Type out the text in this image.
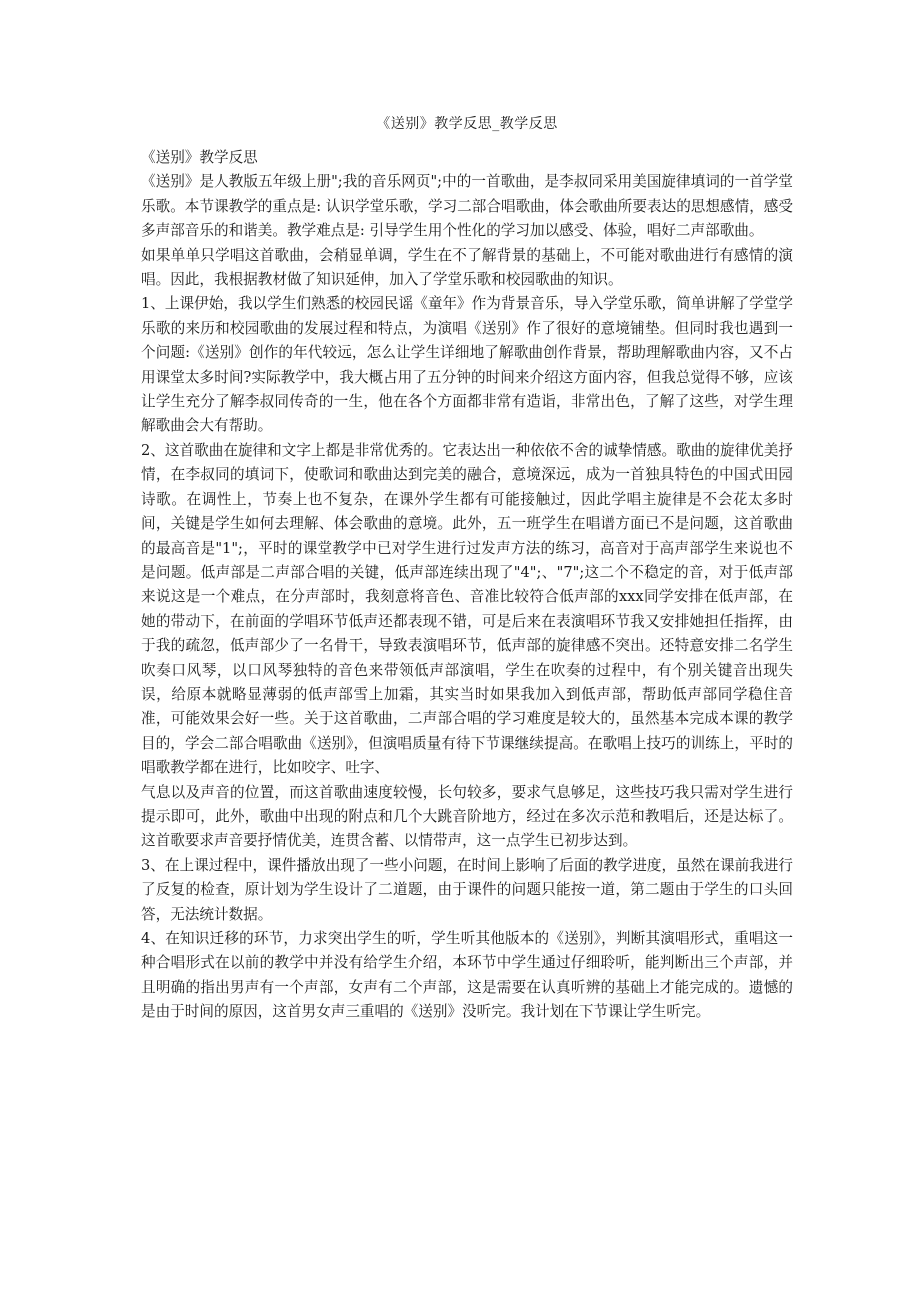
《送别》教学反思_教学反思

《送别》教学反思

《送别》是人教版五年级上册";我的音乐网页";中的一首歌曲，是李叔同采用美国旋律填词的一首学堂乐歌。本节课教学的重点是: 认识学堂乐歌，学习二部合唱歌曲，体会歌曲所要表达的思想感情，感受多声部音乐的和谐美。教学难点是: 引导学生用个性化的学习加以感受、体验，唱好二声部歌曲。

如果单单只学唱这首歌曲，会稍显单调，学生在不了解背景的基础上，不可能对歌曲进行有感情的演唱。因此，我根据教材做了知识延伸，加入了学堂乐歌和校园歌曲的知识。

1、上课伊始，我以学生们熟悉的校园民谣《童年》作为背景音乐，导入学堂乐歌，简单讲解了学堂学乐歌的来历和校园歌曲的发展过程和特点，为演唱《送别》作了很好的意境铺垫。但同时我也遇到一个问题:《送别》创作的年代较远，怎么让学生详细地了解歌曲创作背景，帮助理解歌曲内容，又不占用课堂太多时间?实际教学中，我大概占用了五分钟的时间来介绍这方面内容，但我总觉得不够，应该让学生充分了解李叔同传奇的一生，他在各个方面都非常有造诣，非常出色，了解了这些，对学生理解歌曲会大有帮助。

2、这首歌曲在旋律和文字上都是非常优秀的。它表达出一种依依不舍的诚挚情感。歌曲的旋律优美抒情，在李叔同的填词下，使歌词和歌曲达到完美的融合，意境深远，成为一首独具特色的中国式田园诗歌。在调性上，节奏上也不复杂，在课外学生都有可能接触过，因此学唱主旋律是不会花太多时间，关键是学生如何去理解、体会歌曲的意境。此外，五一班学生在唱谱方面已不是问题，这首歌曲的最高音是"1";，平时的课堂教学中已对学生进行过发声方法的练习，高音对于高声部学生来说也不是问题。低声部是二声部合唱的关键，低声部连续出现了"4";、"7";这二个不稳定的音，对于低声部来说这是一个难点，在分声部时，我刻意将音色、音准比较符合低声部的xxx同学安排在低声部，在她的带动下，在前面的学唱环节低声还都表现不错，可是后来在表演唱环节我又安排她担任指挥，由于我的疏忽，低声部少了一名骨干，导致表演唱环节，低声部的旋律感不突出。还特意安排二名学生吹奏口风琴，以口风琴独特的音色来带领低声部演唱，学生在吹奏的过程中，有个别关键音出现失误，给原本就略显薄弱的低声部雪上加霜，其实当时如果我加入到低声部，帮助低声部同学稳住音准，可能效果会好一些。关于这首歌曲，二声部合唱的学习难度是较大的，虽然基本完成本课的教学目的，学会二部合唱歌曲《送别》，但演唱质量有待下节课继续提高。在歌唱上技巧的训练上，平时的唱歌教学都在进行，比如咬字、吐字、

气息以及声音的位置，而这首歌曲速度较慢，长句较多，要求气息够足，这些技巧我只需对学生进行提示即可，此外，歌曲中出现的附点和几个大跳音阶地方，经过在多次示范和教唱后，还是达标了。这首歌要求声音要抒情优美，连贯含蓄、以情带声，这一点学生已初步达到。

3、在上课过程中，课件播放出现了一些小问题，在时间上影响了后面的教学进度，虽然在课前我进行了反复的检查，原计划为学生设计了二道题，由于课件的问题只能按一道，第二题由于学生的口头回答，无法统计数据。

4、在知识迁移的环节，力求突出学生的听，学生听其他版本的《送别》，判断其演唱形式，重唱这一种合唱形式在以前的教学中并没有给学生介绍，本环节中学生通过仔细聆听，能判断出三个声部，并且明确的指出男声有一个声部，女声有二个声部，这是需要在认真听辨的基础上才能完成的。遗憾的是由于时间的原因，这首男女声三重唱的《送别》没听完。我计划在下节课让学生听完。
